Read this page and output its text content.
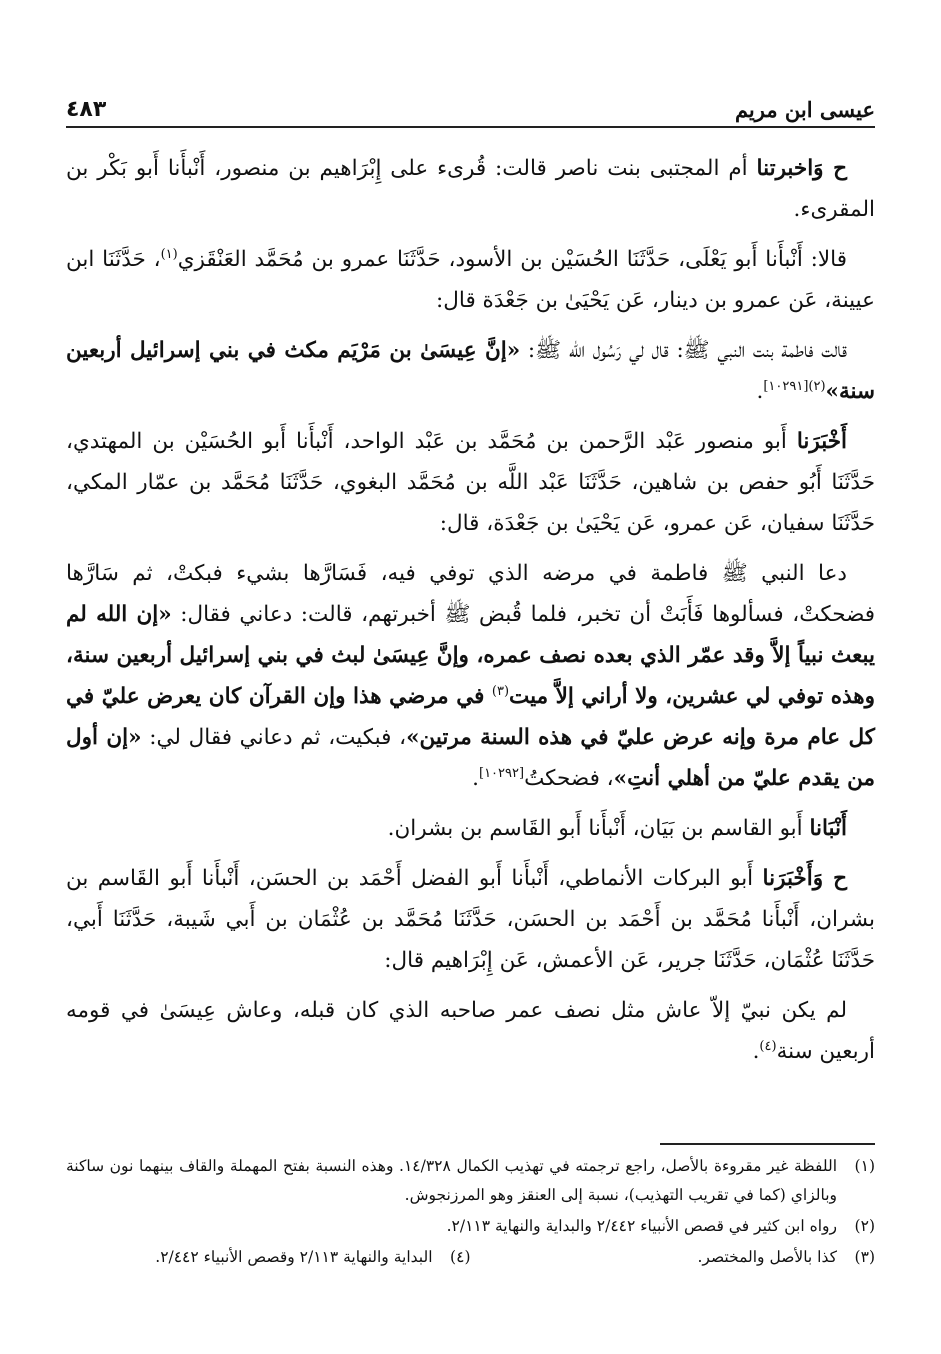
عيسى ابن مريم
٤٨٣

ح وَاخبرتنا أم المجتبى بنت ناصر قالت: قُرىء على إِبْرَاهيم بن منصور، أَنْبأَنا أَبو بَكْر بن المقرىء.

قالا: أَنْبأَنا أَبو يَعْلَى، حَدَّثَنَا الحُسَيْن بن الأسود، حَدَّثَنَا عمرو بن مُحَمَّد العَنْقَزي$^{(١)}$، حَدَّثَنَا ابن عيينة، عَن عمرو بن دينار، عَن يَحْيَىٰ بن جَعْدَة قال:

قالت فاطمة بنت النبي ﷺ: قال لي رَسُول الله ﷺ: «إنَّ عِيسَىٰ بن مَرْيَم مكث في بني إسرائيل أربعين سنة»$^{(٢)[١٠٢٩١]}$.

أَخْبَرَنا أَبو منصور عَبْد الرَّحمن بن مُحَمَّد بن عَبْد الواحد، أَنْبأَنا أَبو الحُسَيْن بن المهتدي، حَدَّثَنَا أَبُو حفص بن شاهين، حَدَّثَنَا عَبْد اللَّه بن مُحَمَّد البغوي، حَدَّثَنَا مُحَمَّد بن عمّار المكي، حَدَّثَنَا سفيان، عَن عمرو، عَن يَحْيَىٰ بن جَعْدَة، قال:

دعا النبي ﷺ فاطمة في مرضه الذي توفي فيه، فَسَارَّها بشيء فبكتْ، ثم سَارَّها فضحكتْ، فسألوها فَأَبَتْ أن تخبر، فلما قُبض ﷺ أخبرتهم، قالت: دعاني فقال: «إن الله لم يبعث نبياً إلاَّ وقد عمّر الذي بعده نصف عمره، وإنَّ عِيسَىٰ لبث في بني إسرائيل أربعين سنة، وهذه توفي لي عشرين، ولا أراني إلاَّ ميت$^{(٣)}$ في مرضي هذا وإن القرآن كان يعرض عليّ في كل عام مرة وإنه عرض عليّ في هذه السنة مرتين»، فبكيت، ثم دعاني فقال لي: «إن أول من يقدم عليّ من أهلي أنتِ»، فضحكتُ[١٠٢٩٢].

أَنْبَانا أَبو القاسم بن بَيَان، أَنْبأَنا أَبو القَاسم بن بشران.

ح وَأَخْبَرَنا أَبو البركات الأنماطي، أَنْبأَنا أَبو الفضل أَحْمَد بن الحسَن، أَنْبأَنا أَبو القَاسم بن بشران، أَنْبأَنا مُحَمَّد بن أَحْمَد بن الحسَن، حَدَّثَنَا مُحَمَّد بن عُثْمَان بن أَبي شَيبة، حَدَّثَنَا أَبي، حَدَّثَنَا عُثْمَان، حَدَّثَنَا جرير، عَن الأعمش، عَن إِبْرَاهيم قال:

لم يكن نبيّ إلاّ عاش مثل نصف عمر صاحبه الذي كان قبله، وعاش عِيسَىٰ في قومه أربعين سنة$^{(٤)}$.

(١)
اللفظة غير مقروءة بالأصل، راجع ترجمته في تهذيب الكمال ١٤/٣٢٨. وهذه النسبة بفتح المهملة والقاف بينهما نون ساكنة وبالزاي (كما في تقريب التهذيب)، نسبة إلى العنقز وهو المرزنجوش.
(٢)
رواه ابن كثير في قصص الأنبياء ٢/٤٤٢ والبداية والنهاية ٢/١١٣.
(٣)
كذا بالأصل والمختصر.
(٤)
البداية والنهاية ٢/١١٣ وقصص الأنبياء ٢/٤٤٢.
